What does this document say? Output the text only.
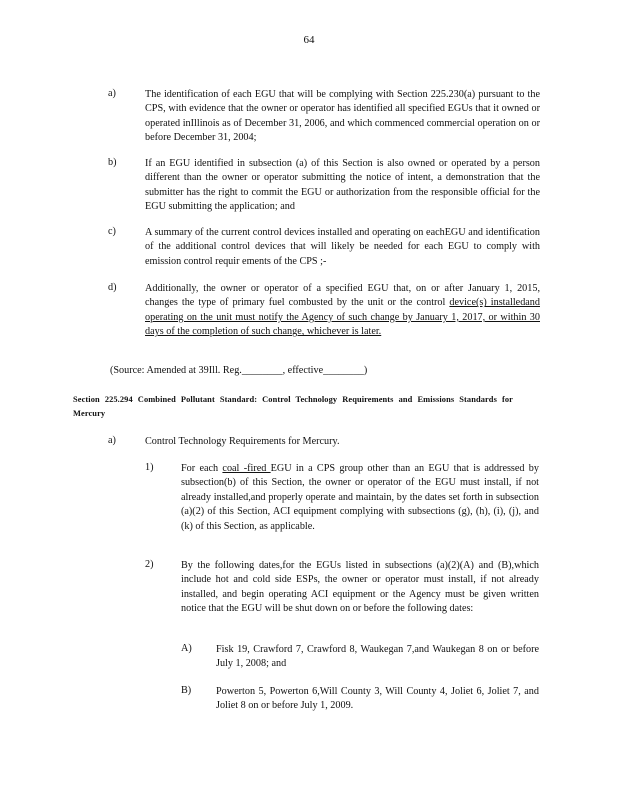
64
a)	The identification of each EGU that will be complying with Section 225.230(a) pursuant to the CPS, with evidence that the owner or operator has identified all specified EGUs that it owned or operated inIllinois as of December 31, 2006, and which commenced commercial operation on or before December 31, 2004;
b)	If an EGU identified in subsection (a) of this Section is also owned or operated by a person different than the owner or operator submitting the notice of intent, a demonstration that the submitter has the right to commit the EGU or authorization from the responsible official for the EGU submitting the application; and
c)	A summary of the current control devices installed and operating on eachEGU and identification of the additional control devices that will likely be needed for each EGU to comply with emission control requir ements of the CPS ;-
d)	Additionally, the owner or operator of a specified EGU that, on or after January 1, 2015, changes the type of primary fuel combusted by the unit or the control device(s) installedand operating on the unit must notify the Agency of such change by January 1, 2017, or within 30 days of the completion of such change, whichever is later.
(Source: Amended at 39Ill. Reg.________, effective________)
Section 225.294 Combined Pollutant Standard: Control Technology Requirements and Emissions Standards for Mercury
a)	Control Technology Requirements for Mercury.
1)	For each coal -fired EGU in a CPS group other than an EGU that is addressed by subsection(b) of this Section, the owner or operator of the EGU must install, if not already installed,and properly operate and maintain, by the dates set forth in subsection (a)(2) of this Section, ACI equipment complying with subsections (g), (h), (i), (j), and (k) of this Section, as applicable.
2)	By the following dates,for the EGUs listed in subsections (a)(2)(A) and (B),which include hot and cold side ESPs, the owner or operator must install, if not already installed, and begin operating ACI equipment or the Agency must be given written notice that the EGU will be shut down on or before the following dates:
A) Fisk 19, Crawford 7, Crawford 8, Waukegan 7,and Waukegan 8 on or before July 1, 2008; and
B) Powerton 5, Powerton 6,Will County 3, Will County 4, Joliet 6, Joliet 7, and Joliet 8 on or before July 1, 2009.
